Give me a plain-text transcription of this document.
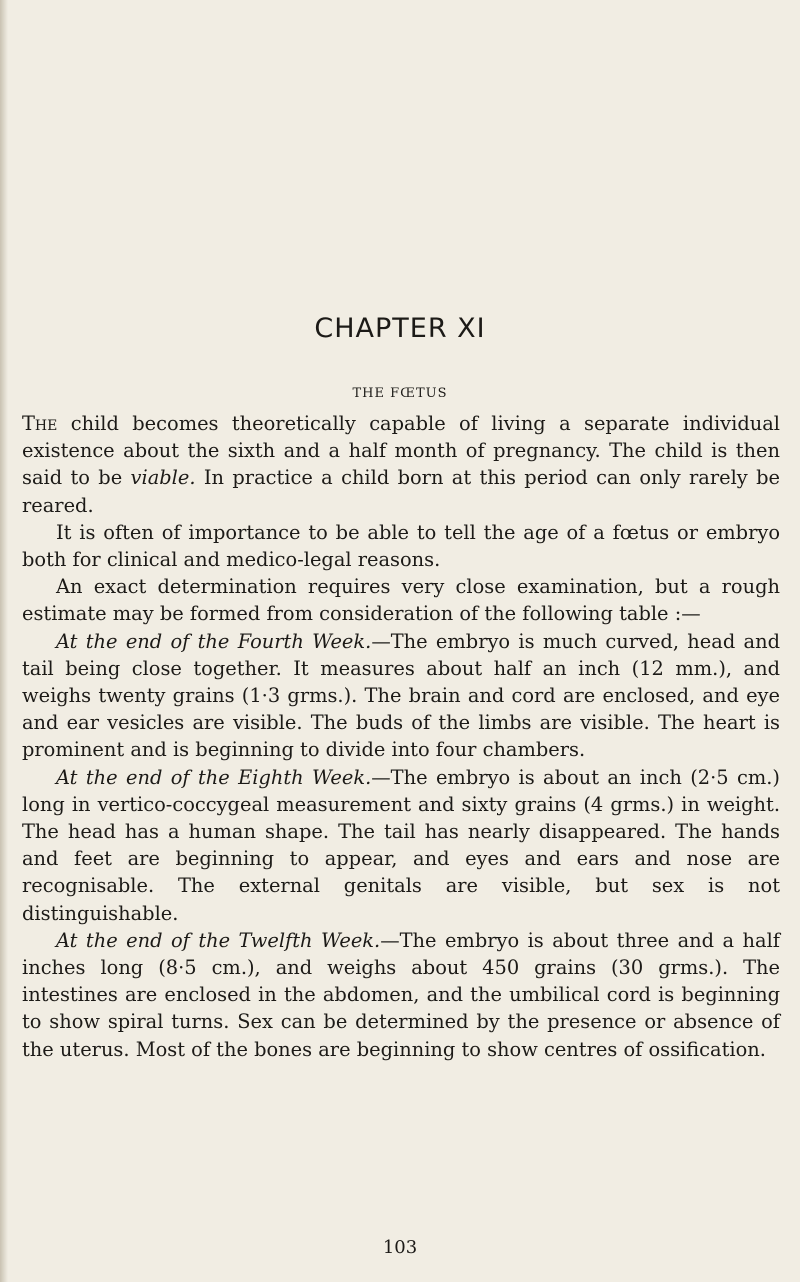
CHAPTER XI
THE FŒTUS

The child becomes theoretically capable of living a separate individual existence about the sixth and a half month of pregnancy. The child is then said to be viable. In practice a child born at this period can only rarely be reared.

It is often of importance to be able to tell the age of a fœtus or embryo both for clinical and medico-legal reasons.

An exact determination requires very close examination, but a rough estimate may be formed from consideration of the following table :—

At the end of the Fourth Week.—The embryo is much curved, head and tail being close together. It measures about half an inch (12 mm.), and weighs twenty grains (1·3 grms.). The brain and cord are enclosed, and eye and ear vesicles are visible. The buds of the limbs are visible. The heart is prominent and is beginning to divide into four chambers.

At the end of the Eighth Week.—The embryo is about an inch (2·5 cm.) long in vertico-coccygeal measurement and sixty grains (4 grms.) in weight. The head has a human shape. The tail has nearly disappeared. The hands and feet are beginning to appear, and eyes and ears and nose are recognisable. The external genitals are visible, but sex is not distinguishable.

At the end of the Twelfth Week.—The embryo is about three and a half inches long (8·5 cm.), and weighs about 450 grains (30 grms.). The intestines are enclosed in the abdomen, and the umbilical cord is beginning to show spiral turns. Sex can be determined by the presence or absence of the uterus. Most of the bones are beginning to show centres of ossification.

103
